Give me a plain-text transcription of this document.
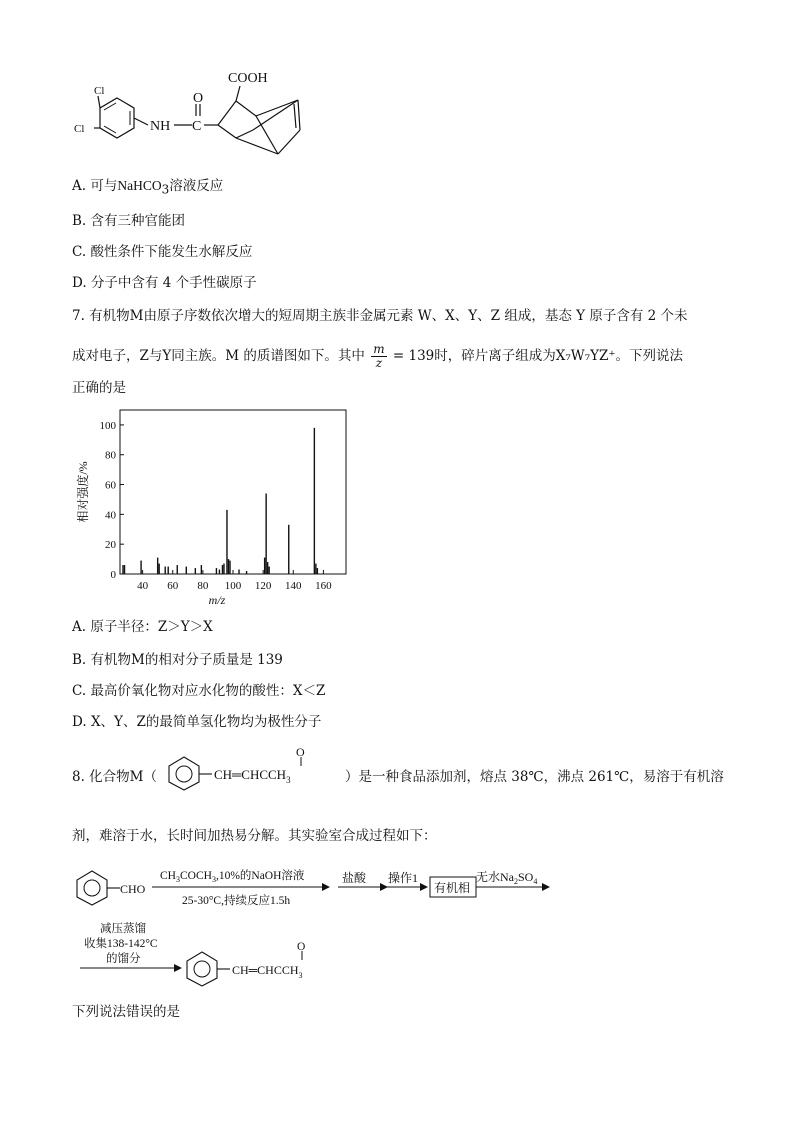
Cl
Cl	NH C
O
COOH
A. 可与NaHCO$_3$溶液反应
B. 含有三种官能团
C. 酸性条件下能发生水解反应
D. 分子中含有 4 个手性碳原子
7. 有机物M由原子序数依次增大的短周期主族非金属元素 W、X、Y、Z 组成，基态 Y 原子含有 2 个未
成对电子，Z与Y同主族。M 的质谱图如下。其中 $\frac{m}{z} = 139$时，碎片离子组成为X₇W₇YZ⁺。下列说法
正确的是
0
20
40
60
80
100
40 60 80 100 120 140 160
相对强度/%
m/z
A. 原子半径：Z＞Y＞X
B. 有机物M的相对分子质量是 139
C. 最高价氧化物对应水化物的酸性：X＜Z
D. X、Y、Z的最简单氢化物均为极性分子
8. 化合物M（	$CH═CHCCH_3$
O
）是一种食品添加剂，熔点 38℃，沸点 261℃，易溶于有机溶
剂，难溶于水，长时间加热易分解。其实验室合成过程如下：
CHO
$CH_3COCH_3,10\%$的NaOH溶液
25-30°C,持续反应1.5h
盐酸 操作1
有机相
无水$Na_2SO_4$
减压蒸馏
收集138-142°C
的馏分
$CH═CHCCH_3$
O
下列说法错误的是
